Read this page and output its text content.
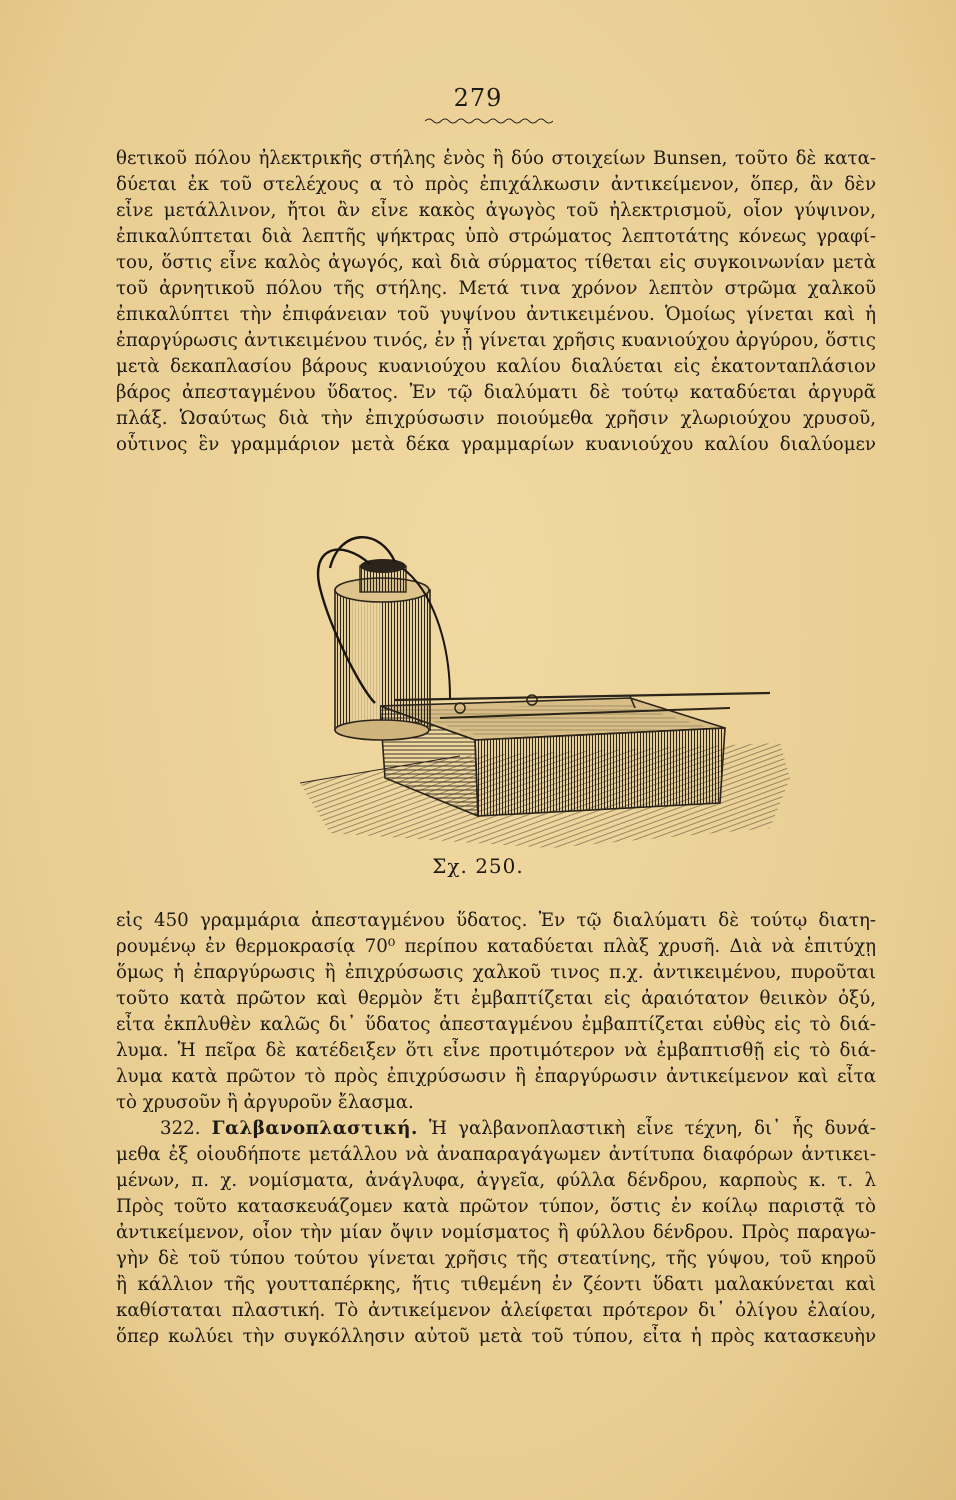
279
θετικοῦ πόλου ἠλεκτρικῆς στήλης ἑνὸς ἢ δύο στοιχείων Bunsen, τοῦτο δὲ κατα-
δύεται ἐκ τοῦ στελέχους α τὸ πρὸς ἐπιχάλκωσιν ἀντικείμενον, ὅπερ, ἂν δὲν
εἶνε μετάλλινον, ἤτοι ἂν εἶνε κακὸς ἀγωγὸς τοῦ ἠλεκτρισμοῦ, οἷον γύψινον,
ἐπικαλύπτεται διὰ λεπτῆς ψήκτρας ὑπὸ στρώματος λεπτοτάτης κόνεως γραφί-
του, ὅστις εἶνε καλὸς ἀγωγός, καὶ διὰ σύρματος τίθεται εἰς συγκοινωνίαν μετὰ
τοῦ ἀρνητικοῦ πόλου τῆς στήλης. Μετά τινα χρόνον λεπτὸν στρῶμα χαλκοῦ
ἐπικαλύπτει τὴν ἐπιφάνειαν τοῦ γυψίνου ἀντικειμένου. Ὁμοίως γίνεται καὶ ἡ
ἐπαργύρωσις ἀντικειμένου τινός, ἐν ᾗ γίνεται χρῆσις κυανιούχου ἀργύρου, ὅστις
μετὰ δεκαπλασίου βάρους κυανιούχου καλίου διαλύεται εἰς ἑκατονταπλάσιον
βάρος ἀπεσταγμένου ὕδατος. Ἐν τῷ διαλύματι δὲ τούτῳ καταδύεται ἀργυρᾶ
πλάξ. Ὡσαύτως διὰ τὴν ἐπιχρύσωσιν ποιούμεθα χρῆσιν χλωριούχου χρυσοῦ,
οὗτινος ἓν γραμμάριον μετὰ δέκα γραμμαρίων κυανιούχου καλίου διαλύομεν
Σχ. 250.
εἰς 450 γραμμάρια ἀπεσταγμένου ὕδατος. Ἐν τῷ διαλύματι δὲ τούτῳ διατη-
ρουμένῳ ἐν θερμοκρασίᾳ 70⁰ περίπου καταδύεται πλὰξ χρυσῆ. Διὰ νὰ ἐπιτύχῃ
ὅμως ἡ ἐπαργύρωσις ἢ ἐπιχρύσωσις χαλκοῦ τινος π.χ. ἀντικειμένου, πυροῦται
τοῦτο κατὰ πρῶτον καὶ θερμὸν ἔτι ἐμβαπτίζεται εἰς ἀραιότατον θειικὸν ὀξύ,
εἶτα ἐκπλυθὲν καλῶς δι᾽ ὕδατος ἀπεσταγμένου ἐμβαπτίζεται εὐθὺς εἰς τὸ διά-
λυμα. Ἡ πεῖρα δὲ κατέδειξεν ὅτι εἶνε προτιμότερον νὰ ἐμβαπτισθῇ εἰς τὸ διά-
λυμα κατὰ πρῶτον τὸ πρὸς ἐπιχρύσωσιν ἢ ἐπαργύρωσιν ἀντικείμενον καὶ εἶτα
τὸ χρυσοῦν ἢ ἀργυροῦν ἔλασμα.
322. Γαλβανοπλαστική. Ἡ γαλβανοπλαστικὴ εἶνε τέχνη, δι᾽ ἧς δυνά-
μεθα ἐξ οἱουδήποτε μετάλλου νὰ ἀναπαραγάγωμεν ἀντίτυπα διαφόρων ἀντικει-
μένων, π. χ. νομίσματα, ἀνάγλυφα, ἀγγεῖα, φύλλα δένδρου, καρποὺς κ. τ. λ
Πρὸς τοῦτο κατασκευάζομεν κατὰ πρῶτον τύπον, ὅστις ἐν κοίλῳ παριστᾷ τὸ
ἀντικείμενον, οἷον τὴν μίαν ὄψιν νομίσματος ἢ φύλλου δένδρου. Πρὸς παραγω-
γὴν δὲ τοῦ τύπου τούτου γίνεται χρῆσις τῆς στεατίνης, τῆς γύψου, τοῦ κηροῦ
ἢ κάλλιον τῆς γουτταπέρκης, ἥτις τιθεμένη ἐν ζέοντι ὕδατι μαλακύνεται καὶ
καθίσταται πλαστική. Τὸ ἀντικείμενον ἀλείφεται πρότερον δι᾽ ὀλίγου ἐλαίου,
ὅπερ κωλύει τὴν συγκόλλησιν αὐτοῦ μετὰ τοῦ τύπου, εἶτα ἡ πρὸς κατασκευὴν
